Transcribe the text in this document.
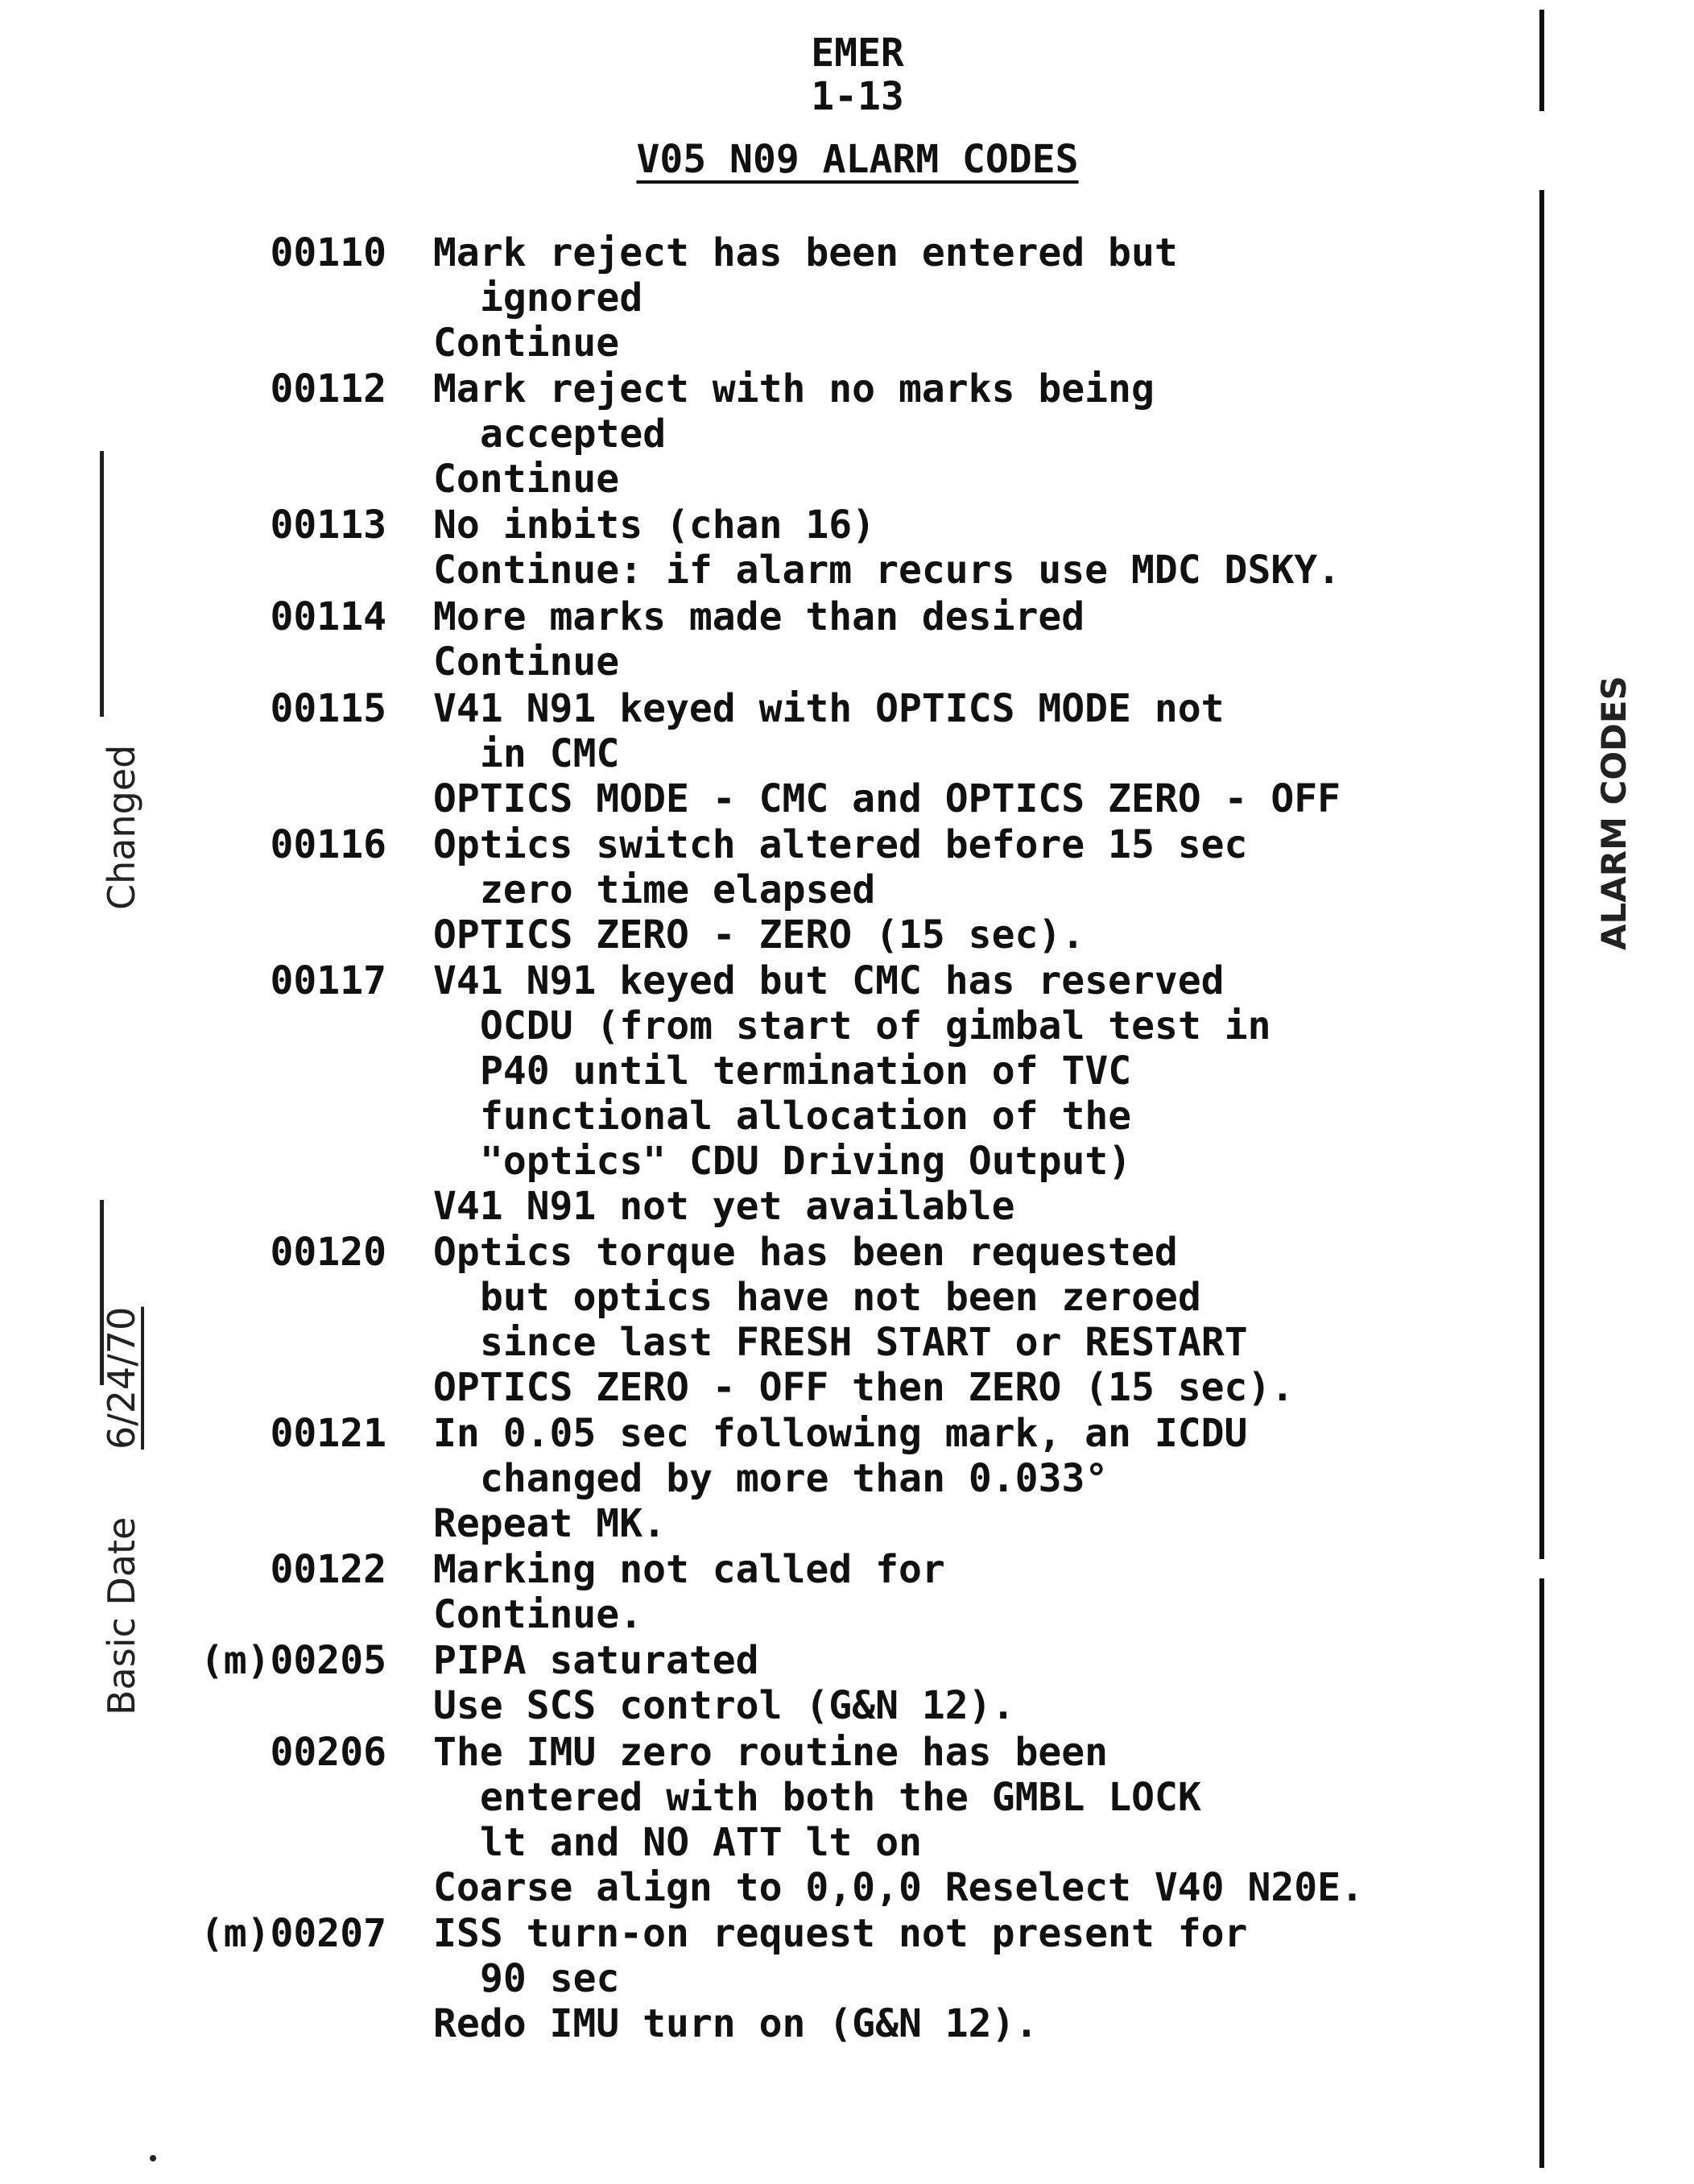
EMER
1-13
V05 N09 ALARM CODES
00110 Mark reject has been entered but
ignored
Continue
00112 Mark reject with no marks being
accepted
Continue
00113 No inbits (chan 16)
Continue: if alarm recurs use MDC DSKY.
00114 More marks made than desired
Continue
00115 V41 N91 keyed with OPTICS MODE not
in CMC
OPTICS MODE - CMC and OPTICS ZERO - OFF
00116 Optics switch altered before 15 sec
zero time elapsed
OPTICS ZERO - ZERO (15 sec).
00117 V41 N91 keyed but CMC has reserved
OCDU (from start of gimbal test in
P40 until termination of TVC
functional allocation of the
"optics" CDU Driving Output)
V41 N91 not yet available
00120 Optics torque has been requested
but optics have not been zeroed
since last FRESH START or RESTART
OPTICS ZERO - OFF then ZERO (15 sec).
00121 In 0.05 sec following mark, an ICDU
changed by more than 0.033°
Repeat MK.
00122 Marking not called for
Continue.
(m)00205 PIPA saturated
Use SCS control (G&N 12).
00206 The IMU zero routine has been
entered with both the GMBL LOCK
lt and NO ATT lt on
Coarse align to 0,0,0 Reselect V40 N20E.
(m)00207 ISS turn-on request not present for
90 sec
Redo IMU turn on (G&N 12).
Changed
Basic Date
6/24/70
ALARM CODES
